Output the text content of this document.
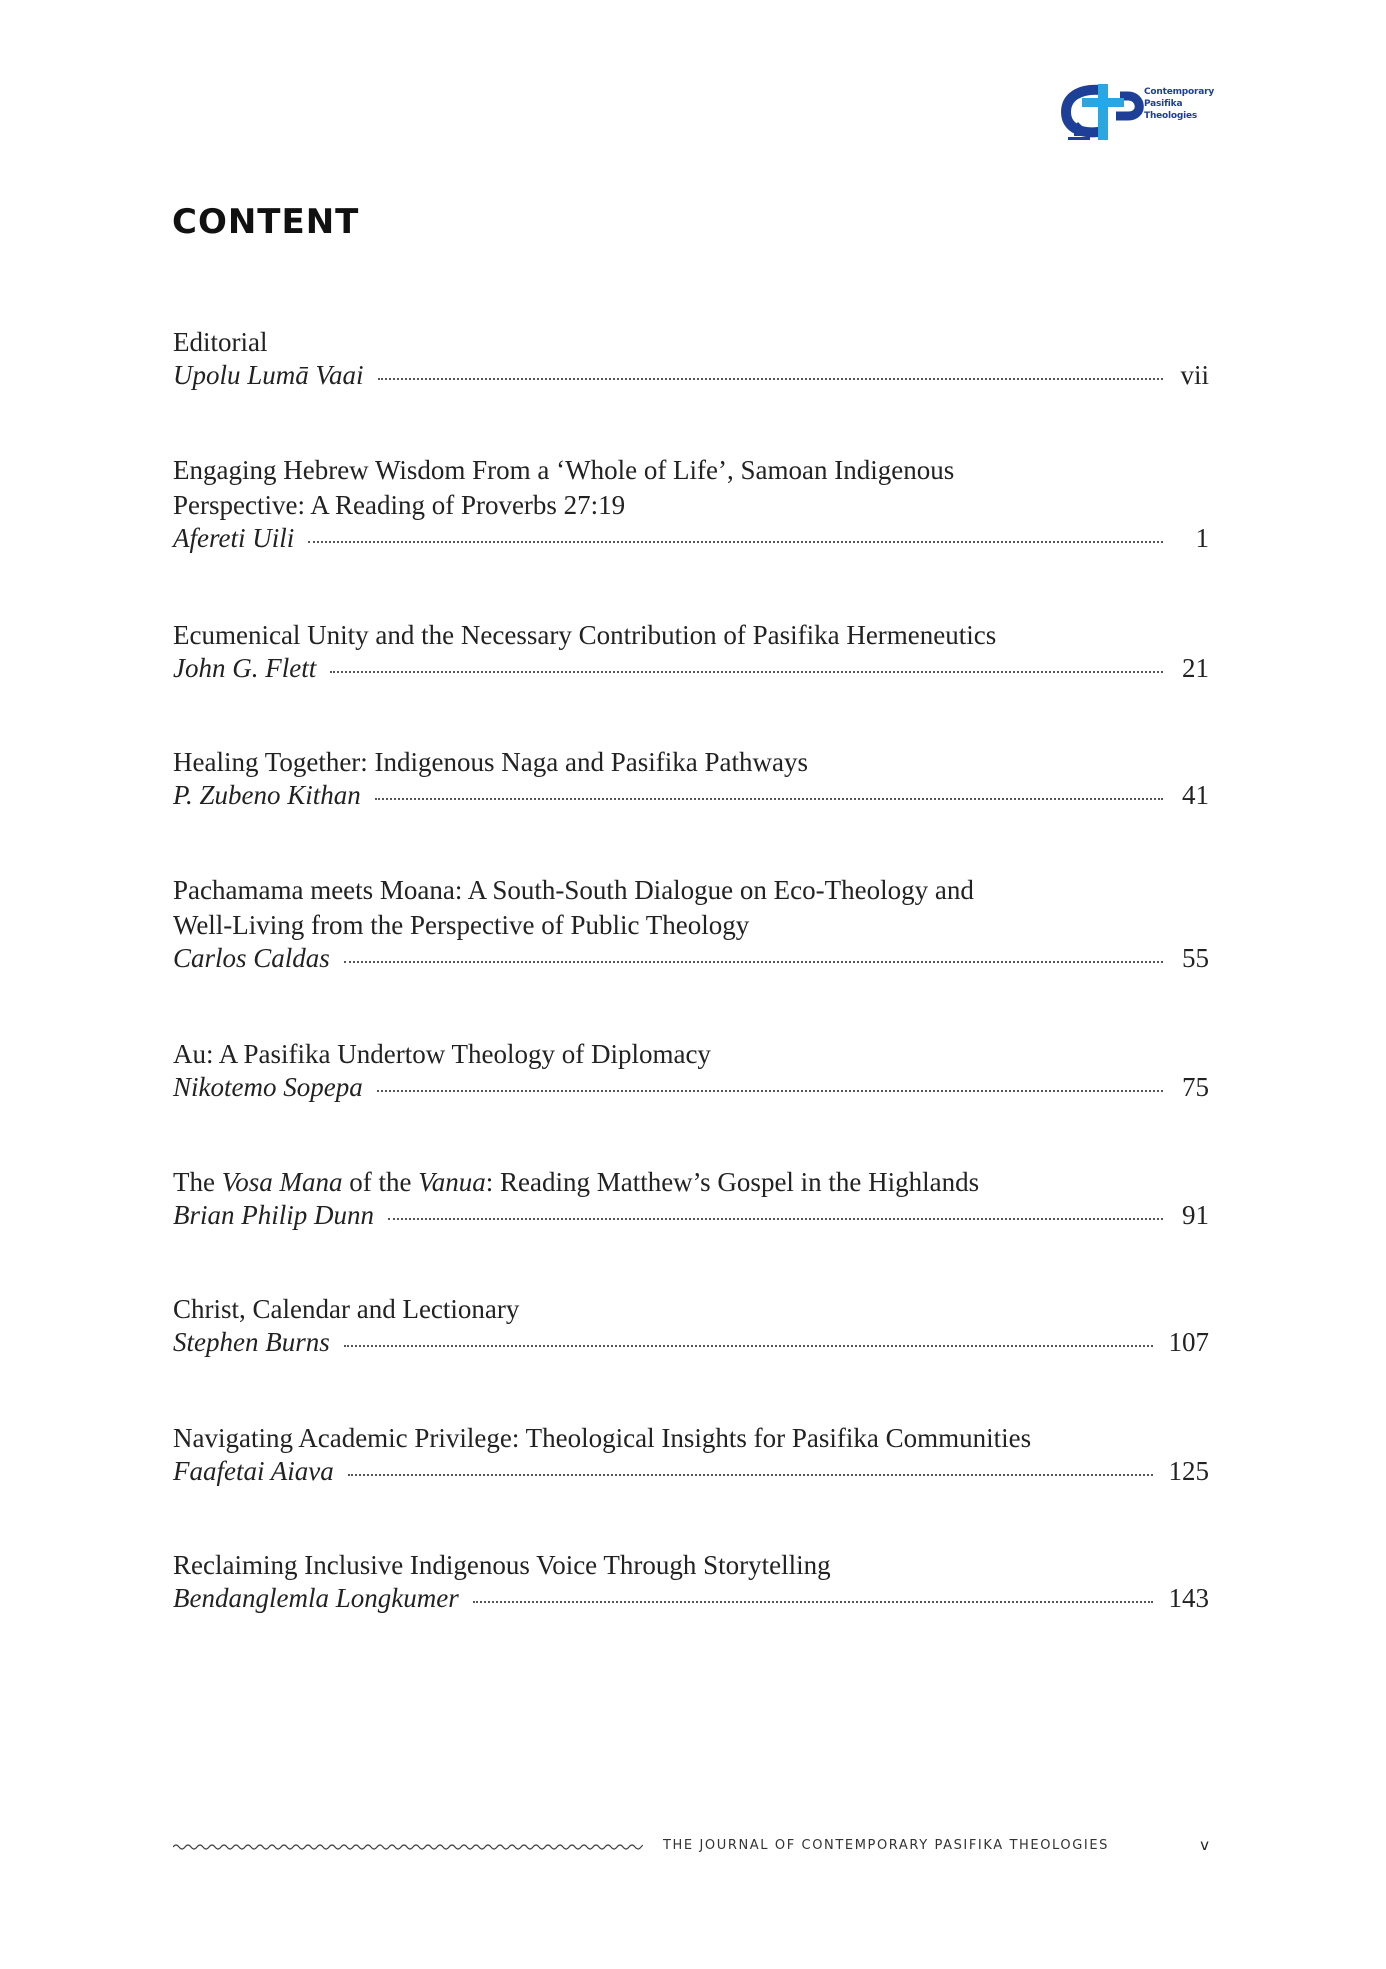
Contemporary
Pasifika
Theologies
CONTENT
Editorial
Upolu Lumā Vaai	vii
Engaging Hebrew Wisdom From a ‘Whole of Life’, Samoan Indigenous
Perspective: A Reading of Proverbs 27:19
Afereti Uili	1
Ecumenical Unity and the Necessary Contribution of Pasifika Hermeneutics
John G. Flett	21
Healing Together: Indigenous Naga and Pasifika Pathways
P. Zubeno Kithan	41
Pachamama meets Moana: A South-South Dialogue on Eco-Theology and
Well-Living from the Perspective of Public Theology
Carlos Caldas	55
Au: A Pasifika Undertow Theology of Diplomacy
Nikotemo Sopepa	75
The Vosa Mana of the Vanua: Reading Matthew’s Gospel in the Highlands
Brian Philip Dunn	91
Christ, Calendar and Lectionary
Stephen Burns	107
Navigating Academic Privilege: Theological Insights for Pasifika Communities
Faafetai Aiava	125
Reclaiming Inclusive Indigenous Voice Through Storytelling
Bendanglemla Longkumer	143
THE JOURNAL OF CONTEMPORARY PASIFIKA THEOLOGIES	v
